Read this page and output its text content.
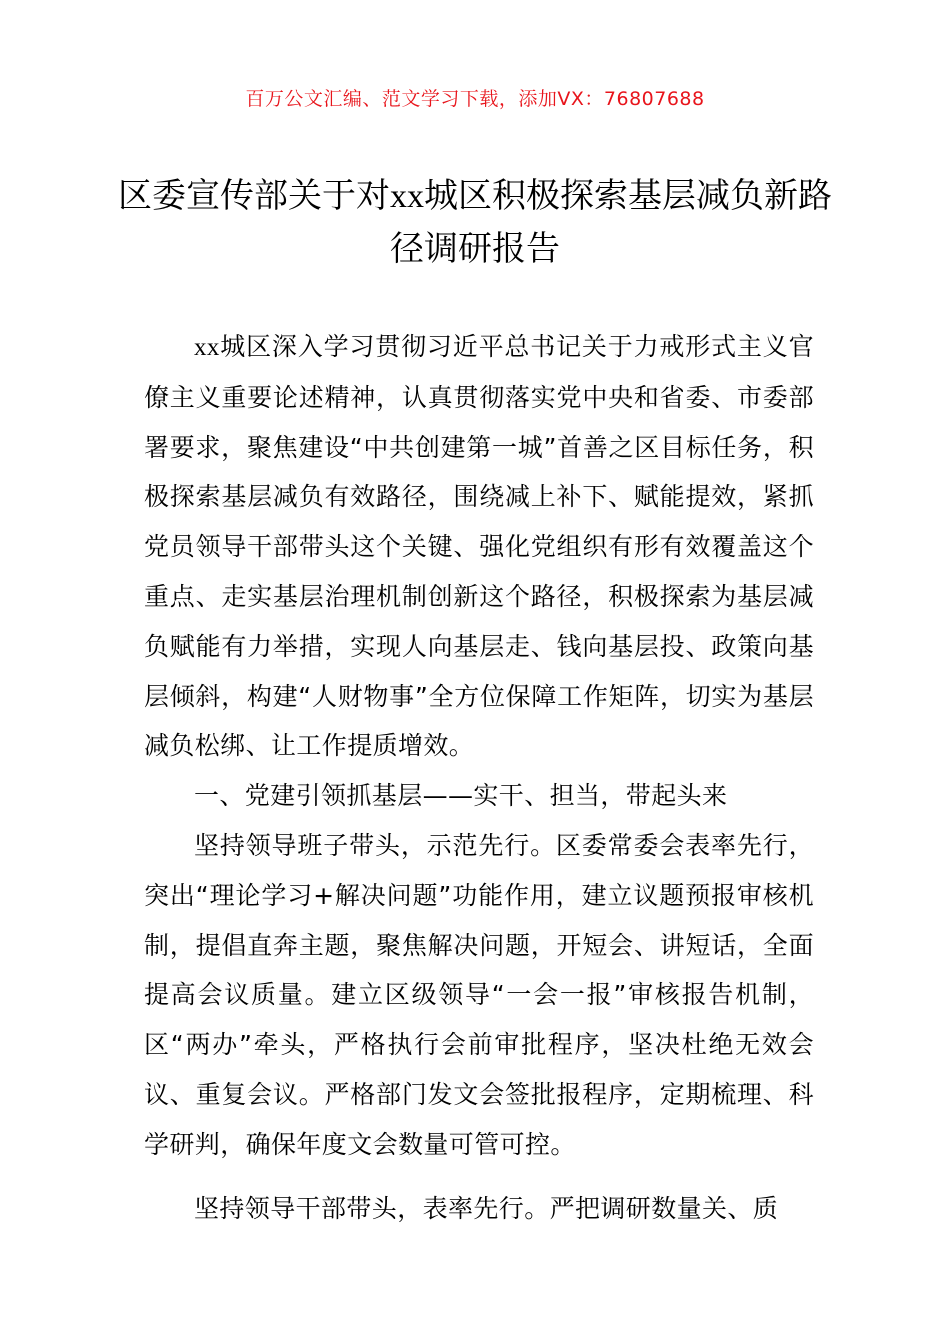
百万公文汇编、范文学习下载，添加VX：76807688
区委宣传部关于对xx城区积极探索基层减负新路径调研报告

xx城区深入学习贯彻习近平总书记关于力戒形式主义官僚主义重要论述精神，认真贯彻落实党中央和省委、市委部署要求，聚焦建设“中共创建第一城”首善之区目标任务，积极探索基层减负有效路径，围绕减上补下、赋能提效，紧抓党员领导干部带头这个关键、强化党组织有形有效覆盖这个重点、走实基层治理机制创新这个路径，积极探索为基层减负赋能有力举措，实现人向基层走、钱向基层投、政策向基层倾斜，构建“人财物事”全方位保障工作矩阵，切实为基层减负松绑、让工作提质增效。

一、党建引领抓基层——实干、担当，带起头来

坚持领导班子带头，示范先行。区委常委会表率先行，突出“理论学习+解决问题”功能作用，建立议题预报审核机制，提倡直奔主题，聚焦解决问题，开短会、讲短话，全面提高会议质量。建立区级领导“一会一报”审核报告机制，区“两办”牵头，严格执行会前审批程序，坚决杜绝无效会议、重复会议。严格部门发文会签批报程序，定期梳理、科学研判，确保年度文会数量可管可控。

坚持领导干部带头，表率先行。严把调研数量关、质
